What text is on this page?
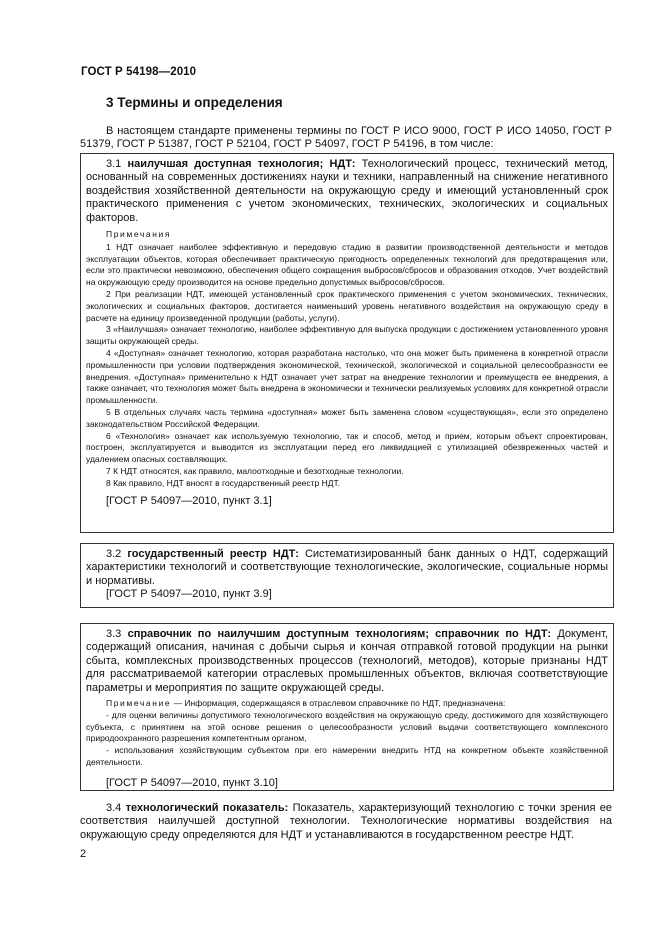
ГОСТ Р 54198—2010
3 Термины и определения
В настоящем стандарте применены термины по ГОСТ Р ИСО 9000, ГОСТ Р ИСО 14050, ГОСТ Р 51379, ГОСТ Р 51387, ГОСТ Р 52104, ГОСТ Р 54097, ГОСТ Р 54196, в том числе:
3.1 наилучшая доступная технология; НДТ: Технологический процесс, технический метод, основанный на современных достижениях науки и техники, направленный на снижение негативного воздействия хозяйственной деятельности на окружающую среду и имеющий установленный срок практического применения с учетом экономических, технических, экологических и социальных факторов.
Примечания
1 НДТ означает наиболее эффективную и передовую стадию в развитии производственной деятельности и методов эксплуатации объектов, которая обеспечивает практическую пригодность определенных технологий для предотвращения или, если это практически невозможно, обеспечения общего сокращения выбросов/сбросов и образования отходов. Учет воздействий на окружающую среду производится на основе предельно допустимых выбросов/сбросов.
2 При реализации НДТ, имеющей установленный срок практического применения с учетом экономических, технических, экологических и социальных факторов, достигается наименьший уровень негативного воздействия на окружающую среду в расчете на единицу произведенной продукции (работы, услуги).
3 «Наилучшая» означает технологию, наиболее эффективную для выпуска продукции с достижением установленного уровня защиты окружающей среды.
4 «Доступная» означает технологию, которая разработана настолько, что она может быть применена в конкретной отрасли промышленности при условии подтверждения экономической, технической, экологической и социальной целесообразности ее внедрения. «Доступная» применительно к НДТ означает учет затрат на внедрение технологии и преимуществ ее внедрения, а также означает, что технология может быть внедрена в экономически и технически реализуемых условиях для конкретной отрасли промышленности.
5 В отдельных случаях часть термина «доступная» может быть заменена словом «существующая», если это определено законодательством Российской Федерации.
6 «Технология» означает как используемую технологию, так и способ, метод и прием, которым объект спроектирован, построен, эксплуатируется и выводится из эксплуатации перед его ликвидацией с утилизацией обезвреженных частей и удалением опасных составляющих.
7 К НДТ относятся, как правило, малоотходные и безотходные технологии.
8 Как правило, НДТ вносят в государственный реестр НДТ.
[ГОСТ Р 54097—2010, пункт 3.1]
3.2 государственный реестр НДТ: Систематизированный банк данных о НДТ, содержащий характеристики технологий и соответствующие технологические, экологические, социальные нормы и нормативы.
[ГОСТ Р 54097—2010, пункт 3.9]
3.3 справочник по наилучшим доступным технологиям; справочник по НДТ: Документ, содержащий описания, начиная с добычи сырья и кончая отправкой готовой продукции на рынки сбыта, комплексных производственных процессов (технологий, методов), которые признаны НДТ для рассматриваемой категории отраслевых промышленных объектов, включая соответствующие параметры и мероприятия по защите окружающей среды.
Примечание — Информация, содержащаяся в отраслевом справочнике по НДТ, предназначена:
- для оценки величины допустимого технологического воздействия на окружающую среду, достижимого для хозяйствующего субъекта, с принятием на этой основе решения о целесообразности условий выдачи соответствующего комплексного природоохранного разрешения компетентным органом,
- использования хозяйствующим субъектом при его намерении внедрить НТД на конкретном объекте хозяйственной деятельности.
[ГОСТ Р 54097—2010, пункт 3.10]
3.4 технологический показатель: Показатель, характеризующий технологию с точки зрения ее соответствия наилучшей доступной технологии. Технологические нормативы воздействия на окружающую среду определяются для НДТ и устанавливаются в государственном реестре НДТ.
2
